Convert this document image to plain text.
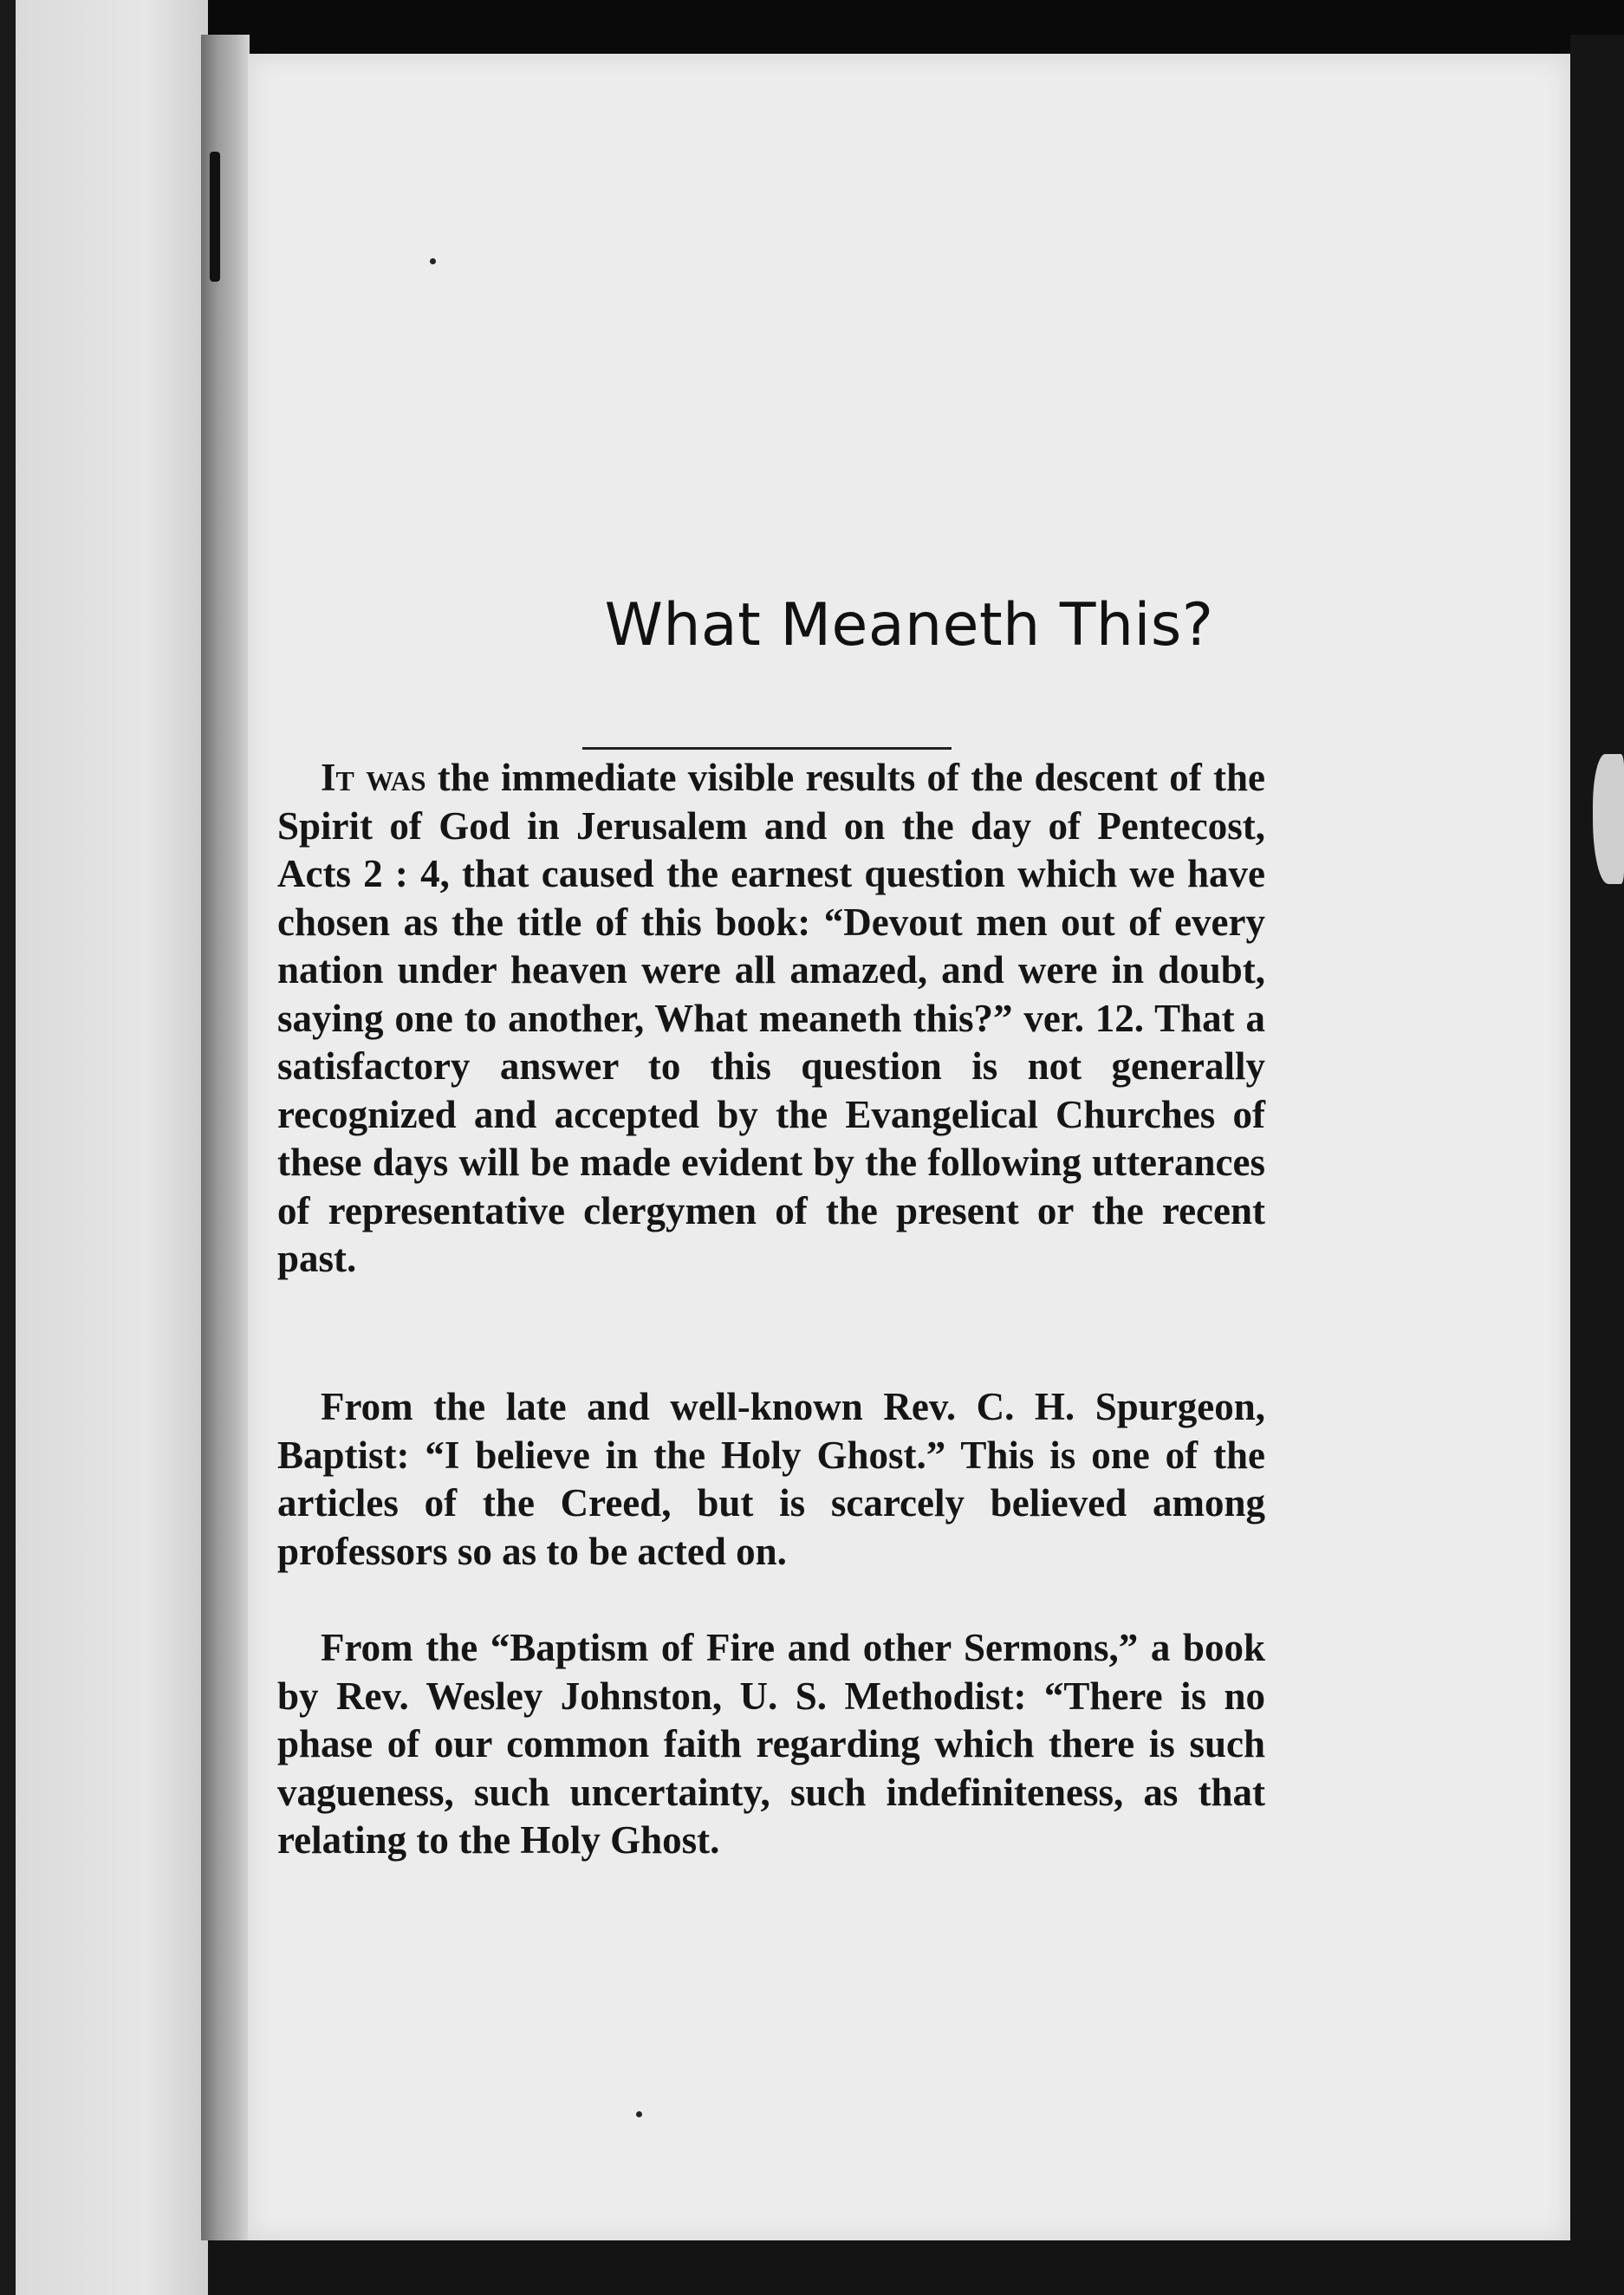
What Meaneth This?

It was the immediate visible results of the descent of the Spirit of God in Jerusalem and on the day of Pentecost, Acts 2 : 4, that caused the earnest question which we have chosen as the title of this book: “Devout men out of every nation under heaven were all amazed, and were in doubt, saying one to another, What meaneth this?” ver. 12. That a satisfactory answer to this question is not generally recognized and accepted by the Evangelical Churches of these days will be made evident by the following utterances of representative clergymen of the present or the recent past.

From the late and well-known Rev. C. H. Spurgeon, Baptist: “I believe in the Holy Ghost.” This is one of the articles of the Creed, but is scarcely believed among professors so as to be acted on.

From the “Baptism of Fire and other Sermons,” a book by Rev. Wesley Johnston, U. S. Methodist: “There is no phase of our common faith regarding which there is such vagueness, such uncertainty, such indefiniteness, as that relating to the Holy Ghost.
